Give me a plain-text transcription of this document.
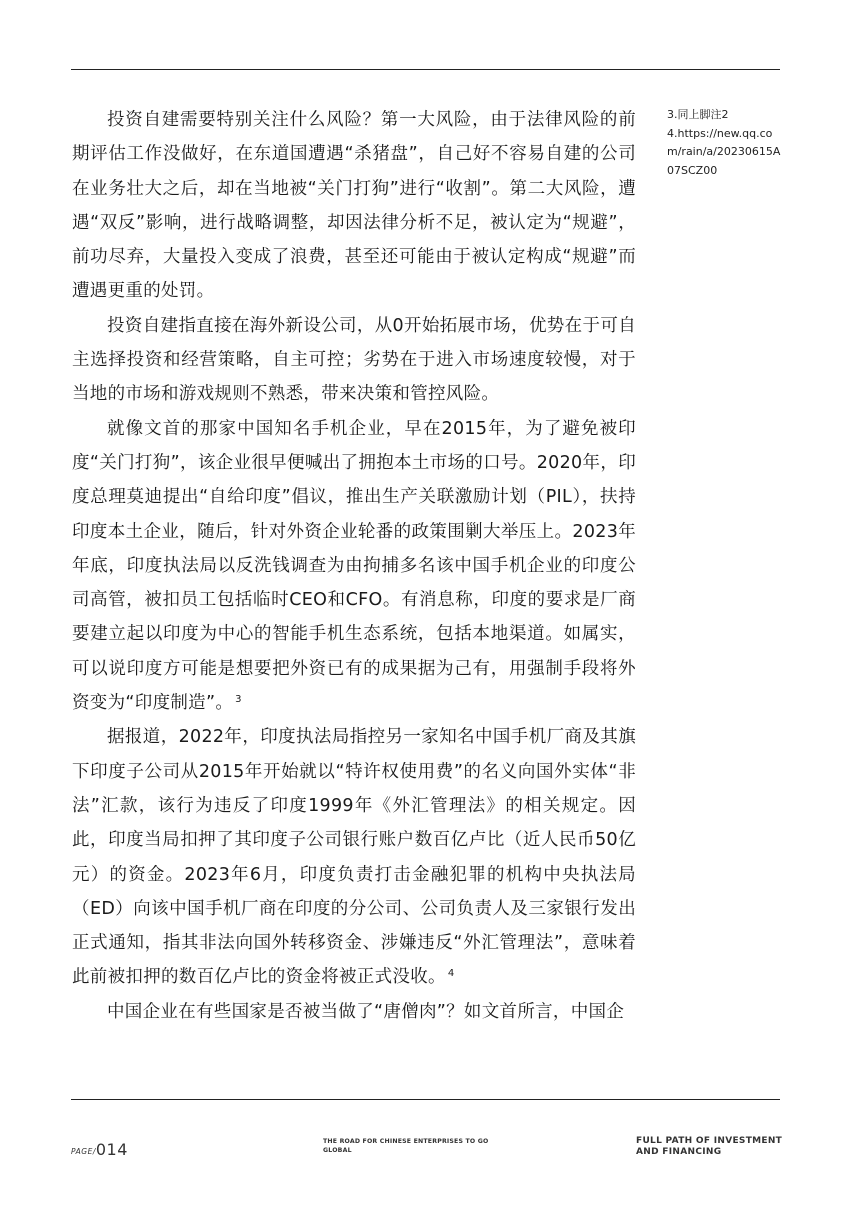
投资自建需要特别关注什么风险？第一大风险，由于法律风险的前期评估工作没做好，在东道国遭遇“杀猪盘”，自己好不容易自建的公司在业务壮大之后，却在当地被“关门打狗”进行“收割”。第二大风险，遭遇“双反”影响，进行战略调整，却因法律分析不足，被认定为“规避”，前功尽弃，大量投入变成了浪费，甚至还可能由于被认定构成“规避”而遭遇更重的处罚。

投资自建指直接在海外新设公司，从0开始拓展市场，优势在于可自主选择投资和经营策略，自主可控；劣势在于进入市场速度较慢，对于当地的市场和游戏规则不熟悉，带来决策和管控风险。

就像文首的那家中国知名手机企业，早在2015年，为了避免被印度“关门打狗”，该企业很早便喊出了拥抱本土市场的口号。2020年，印度总理莫迪提出“自给印度”倡议，推出生产关联激励计划（PIL），扶持印度本土企业，随后，针对外资企业轮番的政策围剿大举压上。2023年年底，印度执法局以反洗钱调查为由拘捕多名该中国手机企业的印度公司高管，被扣员工包括临时CEO和CFO。有消息称，印度的要求是厂商要建立起以印度为中心的智能手机生态系统，包括本地渠道。如属实，可以说印度方可能是想要把外资已有的成果据为己有，用强制手段将外资变为“印度制造”。 $^3$

据报道，2022年，印度执法局指控另一家知名中国手机厂商及其旗下印度子公司从2015年开始就以“特许权使用费”的名义向国外实体“非法”汇款，该行为违反了印度1999年《外汇管理法》的相关规定。因此，印度当局扣押了其印度子公司银行账户数百亿卢比（近人民币50亿元）的资金。2023年6月，印度负责打击金融犯罪的机构中央执法局（ED）向该中国手机厂商在印度的分公司、公司负责人及三家银行发出正式通知，指其非法向国外转移资金、涉嫌违反“外汇管理法”，意味着此前被扣押的数百亿卢比的资金将被正式没收。 $^4$

中国企业在有些国家是否被当做了“唐僧肉”？如文首所言，中国企

3.同上脚注2
4.https://new.qq.com/rain/a/20230615A07SCZ00
PAGE/014	THE ROAD FOR CHINESE ENTERPRISES TO GO GLOBAL
FULL PATH OF INVESTMENT AND FINANCING
